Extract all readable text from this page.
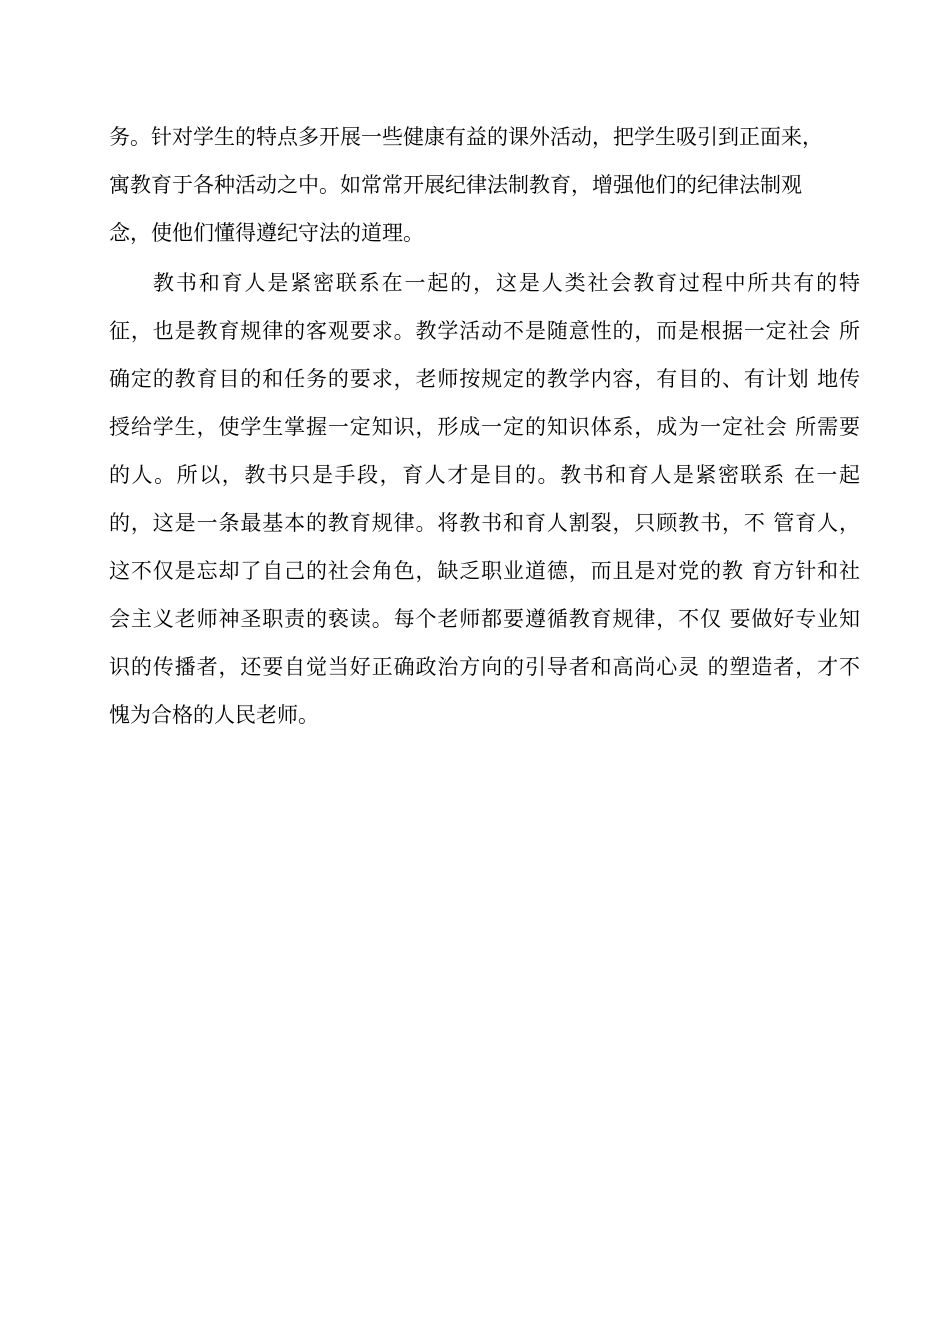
务。针对学生的特点多开展一些健康有益的课外活动，把学生吸引到正面来，
寓教育于各种活动之中。如常常开展纪律法制教育，增强他们的纪律法制观
念，使他们懂得遵纪守法的道理。
教书和育人是紧密联系在一起的，这是人类社会教育过程中所共有的特
征，也是教育规律的客观要求。教学活动不是随意性的，而是根据一定社会 所
确定的教育目的和任务的要求，老师按规定的教学内容，有目的、有计划 地传
授给学生，使学生掌握一定知识，形成一定的知识体系，成为一定社会 所需要
的人。所以，教书只是手段，育人才是目的。教书和育人是紧密联系 在一起
的，这是一条最基本的教育规律。将教书和育人割裂，只顾教书，不 管育人，
这不仅是忘却了自己的社会角色，缺乏职业道德，而且是对党的教 育方针和社
会主义老师神圣职责的亵读。每个老师都要遵循教育规律，不仅 要做好专业知
识的传播者，还要自觉当好正确政治方向的引导者和高尚心灵 的塑造者，才不
愧为合格的人民老师。
